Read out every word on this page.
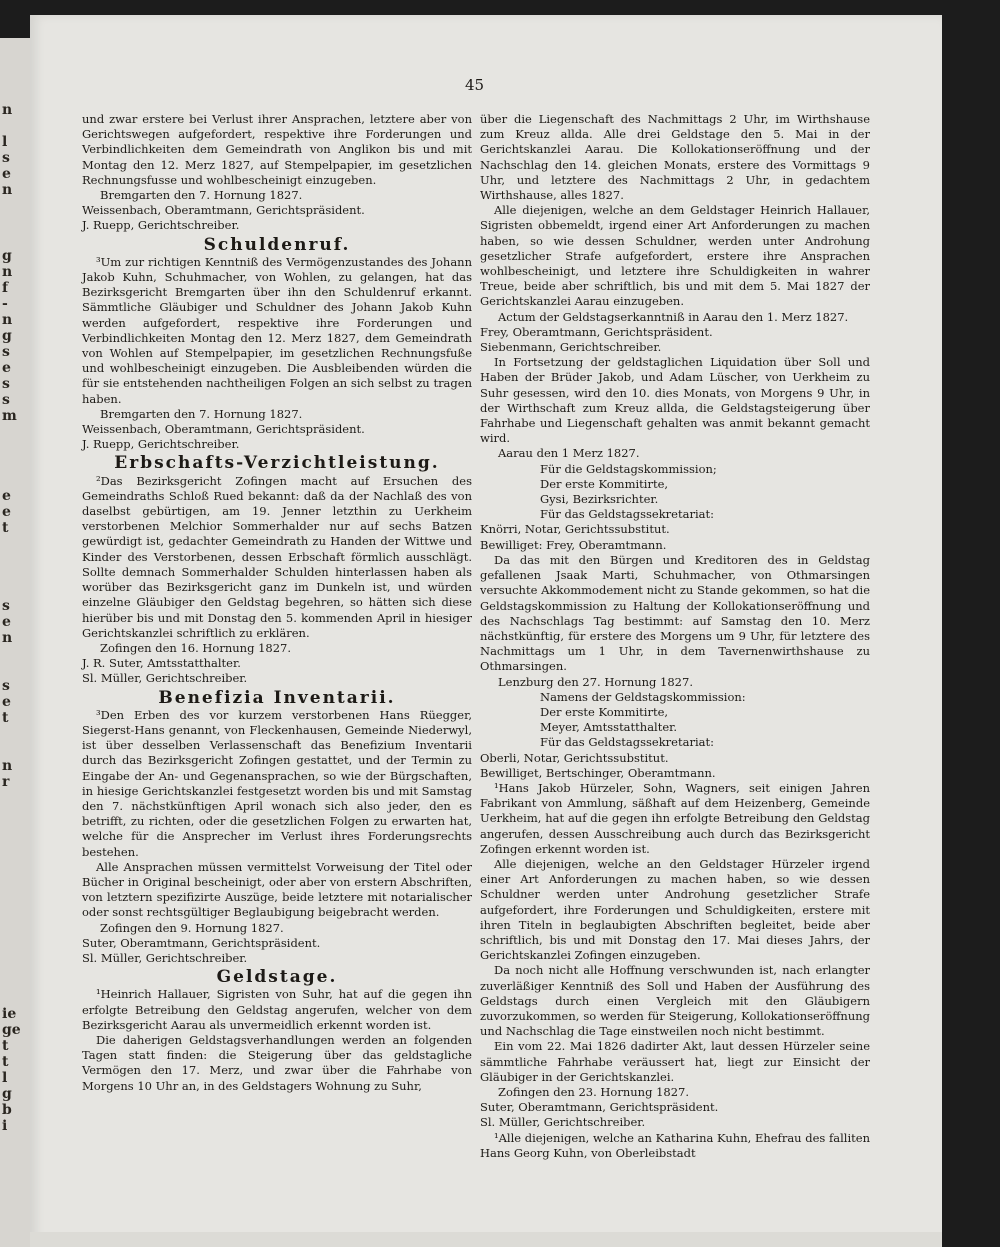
n
l
s
e
n
g
n
f
-
n
g
s
e
s
s
m
e
e
t
s
e
n
s
e
t
n
r
ie
ge
t
t
l
g
b
i
45

und zwar erstere bei Verlust ihrer Ansprachen, letztere aber von Gerichtswegen aufgefordert, respektive ihre Forderungen und Verbindlichkeiten dem Gemeindrath von Anglikon bis und mit Montag den 12. Merz 1827, auf Stempelpapier, im gesetzlichen Rechnungsfusse und wohlbescheinigt einzugeben.

Bremgarten den 7. Hornung 1827.

Weissenbach, Oberamtmann, Gerichtspräsident.

J. Ruepp, Gerichtschreiber.

Schuldenruf.

³Um zur richtigen Kenntniß des Vermögenzustandes des Johann Jakob Kuhn, Schuhmacher, von Wohlen, zu gelangen, hat das Bezirksgericht Bremgarten über ihn den Schuldenruf erkannt. Sämmtliche Gläubiger und Schuldner des Johann Jakob Kuhn werden aufgefordert, respektive ihre Forderungen und Verbindlichkeiten Montag den 12. Merz 1827, dem Gemeindrath von Wohlen auf Stempelpapier, im gesetzlichen Rechnungsfuße und wohlbescheinigt einzugeben. Die Ausbleibenden würden die für sie entstehenden nachtheiligen Folgen an sich selbst zu tragen haben.

Bremgarten den 7. Hornung 1827.

Weissenbach, Oberamtmann, Gerichtspräsident.

J. Ruepp, Gerichtschreiber.

Erbschafts-Verzichtleistung.

²Das Bezirksgericht Zofingen macht auf Ersuchen des Gemeindraths Schloß Rued bekannt: daß da der Nachlaß des von daselbst gebürtigen, am 19. Jenner letzthin zu Uerkheim verstorbenen Melchior Sommerhalder nur auf sechs Batzen gewürdigt ist, gedachter Gemeindrath zu Handen der Wittwe und Kinder des Verstorbenen, dessen Erbschaft förmlich ausschlägt. Sollte demnach Sommerhalder Schulden hinterlassen haben als worüber das Bezirksgericht ganz im Dunkeln ist, und würden einzelne Gläubiger den Geldstag begehren, so hätten sich diese hierüber bis und mit Donstag den 5. kommenden April in hiesiger Gerichtskanzlei schriftlich zu erklären.

Zofingen den 16. Hornung 1827.

J. R. Suter, Amtsstatthalter.

Sl. Müller, Gerichtschreiber.

Benefizia Inventarii.

³Den Erben des vor kurzem verstorbenen Hans Rüegger, Siegerst-Hans genannt, von Fleckenhausen, Gemeinde Niederwyl, ist über desselben Verlassenschaft das Benefizium Inventarii durch das Bezirksgericht Zofingen gestattet, und der Termin zu Eingabe der An- und Gegenansprachen, so wie der Bürgschaften, in hiesige Gerichtskanzlei festgesetzt worden bis und mit Samstag den 7. nächstkünftigen April wonach sich also jeder, den es betrifft, zu richten, oder die gesetzlichen Folgen zu erwarten hat, welche für die Ansprecher im Verlust ihres Forderungsrechts bestehen.

Alle Ansprachen müssen vermittelst Vorweisung der Titel oder Bücher in Original bescheinigt, oder aber von erstern Abschriften, von letztern spezifizirte Auszüge, beide letztere mit notarialischer oder sonst rechtsgültiger Beglaubigung beigebracht werden.

Zofingen den 9. Hornung 1827.

Suter, Oberamtmann, Gerichtspräsident.

Sl. Müller, Gerichtschreiber.

Geldstage.

¹Heinrich Hallauer, Sigristen von Suhr, hat auf die gegen ihn erfolgte Betreibung den Geldstag angerufen, welcher von dem Bezirksgericht Aarau als unvermeidlich erkennt worden ist.

Die daherigen Geldstagsverhandlungen werden an folgenden Tagen statt finden: die Steigerung über das geldstagliche Vermögen den 17. Merz, und zwar über die Fahrhabe von Morgens 10 Uhr an, in des Geldstagers Wohnung zu Suhr,

über die Liegenschaft des Nachmittags 2 Uhr, im Wirthshause zum Kreuz allda. Alle drei Geldstage den 5. Mai in der Gerichtskanzlei Aarau. Die Kollokationseröffnung und der Nachschlag den 14. gleichen Monats, erstere des Vormittags 9 Uhr, und letztere des Nachmittags 2 Uhr, in gedachtem Wirthshause, alles 1827.

Alle diejenigen, welche an dem Geldstager Heinrich Hallauer, Sigristen obbemeldt, irgend einer Art Anforderungen zu machen haben, so wie dessen Schuldner, werden unter Androhung gesetzlicher Strafe aufgefordert, erstere ihre Ansprachen wohlbescheinigt, und letztere ihre Schuldigkeiten in wahrer Treue, beide aber schriftlich, bis und mit dem 5. Mai 1827 der Gerichtskanzlei Aarau einzugeben.

Actum der Geldstagserkanntniß in Aarau den 1. Merz 1827.

Frey, Oberamtmann, Gerichtspräsident.

Siebenmann, Gerichtschreiber.

In Fortsetzung der geldstaglichen Liquidation über Soll und Haben der Brüder Jakob, und Adam Lüscher, von Uerkheim zu Suhr gesessen, wird den 10. dies Monats, von Morgens 9 Uhr, in der Wirthschaft zum Kreuz allda, die Geldstagsteigerung über Fahrhabe und Liegenschaft gehalten was anmit bekannt gemacht wird.

Aarau den 1 Merz 1827.

Für die Geldstagskommission;

Der erste Kommitirte,

Gysi, Bezirksrichter.

Für das Geldstagssekretariat:

Knörri, Notar, Gerichtssubstitut.

Bewilliget: Frey, Oberamtmann.

Da das mit den Bürgen und Kreditoren des in Geldstag gefallenen Jsaak Marti, Schuhmacher, von Othmarsingen versuchte Akkommodement nicht zu Stande gekommen, so hat die Geldstagskommission zu Haltung der Kollokationseröffnung und des Nachschlags Tag bestimmt: auf Samstag den 10. Merz nächstkünftig, für erstere des Morgens um 9 Uhr, für letztere des Nachmittags um 1 Uhr, in dem Tavernenwirthshause zu Othmarsingen.

Lenzburg den 27. Hornung 1827.

Namens der Geldstagskommission:

Der erste Kommitirte,

Meyer, Amtsstatthalter.

Für das Geldstagssekretariat:

Oberli, Notar, Gerichtssubstitut.

Bewilliget, Bertschinger, Oberamtmann.

¹Hans Jakob Hürzeler, Sohn, Wagners, seit einigen Jahren Fabrikant von Ammlung, säßhaft auf dem Heizenberg, Gemeinde Uerkheim, hat auf die gegen ihn erfolgte Betreibung den Geldstag angerufen, dessen Ausschreibung auch durch das Bezirksgericht Zofingen erkennt worden ist.

Alle diejenigen, welche an den Geldstager Hürzeler irgend einer Art Anforderungen zu machen haben, so wie dessen Schuldner werden unter Androhung gesetzlicher Strafe aufgefordert, ihre Forderungen und Schuldigkeiten, erstere mit ihren Titeln in beglaubigten Abschriften begleitet, beide aber schriftlich, bis und mit Donstag den 17. Mai dieses Jahrs, der Gerichtskanzlei Zofingen einzugeben.

Da noch nicht alle Hoffnung verschwunden ist, nach erlangter zuverläßiger Kenntniß des Soll und Haben der Ausführung des Geldstags durch einen Vergleich mit den Gläubigern zuvorzukommen, so werden für Steigerung, Kollokationseröffnung und Nachschlag die Tage einstweilen noch nicht bestimmt.

Ein vom 22. Mai 1826 dadirter Akt, laut dessen Hürzeler seine sämmtliche Fahrhabe veräussert hat, liegt zur Einsicht der Gläubiger in der Gerichtskanzlei.

Zofingen den 23. Hornung 1827.

Suter, Oberamtmann, Gerichtspräsident.

Sl. Müller, Gerichtschreiber.

¹Alle diejenigen, welche an Katharina Kuhn, Ehefrau des falliten Hans Georg Kuhn, von Oberleibstadt
